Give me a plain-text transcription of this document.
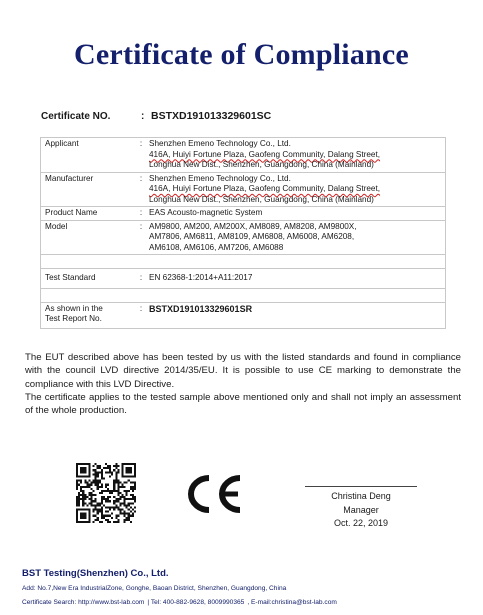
Certificate of Compliance
Certificate NO.	: BSTXD191013329601SC
Applicant	:	Shenzhen Emeno Technology Co., Ltd.
416A, Huiyi Fortune Plaza, Gaofeng Community, Dalang Street,
Longhua New Dist., Shenzhen, Guangdong, China (Mainland)

Manufacturer	:	Shenzhen Emeno Technology Co., Ltd.
416A, Huiyi Fortune Plaza, Gaofeng Community, Dalang Street,
Longhua New Dist., Shenzhen, Guangdong, China (Mainland)

Product Name	:	EAS Acousto-magnetic System
Model	:	AM9800, AM200, AM200X, AM8089, AM8208, AM9800X,
AM7806, AM6811, AM8109, AM6808, AM6008, AM6208,
AM6108, AM6106, AM7206, AM6088

Test Standard	:	EN 62368-1:2014+A11:2017

As shown in the
Test Report No.	:	BSTXD191013329601SR

The EUT described above has been tested by us with the listed standards and found in compliance with the council LVD directive 2014/35/EU. It is possible to use CE marking to demonstrate the compliance with this LVD Directive.

The certificate applies to the tested sample above mentioned only and shall not imply an assessment of the whole production.

Christina Deng
Manager
Oct. 22, 2019
BST Testing(Shenzhen) Co., Ltd.
Add: No.7,New Era IndustrialZone, Gonghe, Baoan District, Shenzhen, Guangdong, China
Certificate Search: http://www.bst-lab.com | Tel: 400-882-9628, 8009990365 , E-mail:christina@bst-lab.com
